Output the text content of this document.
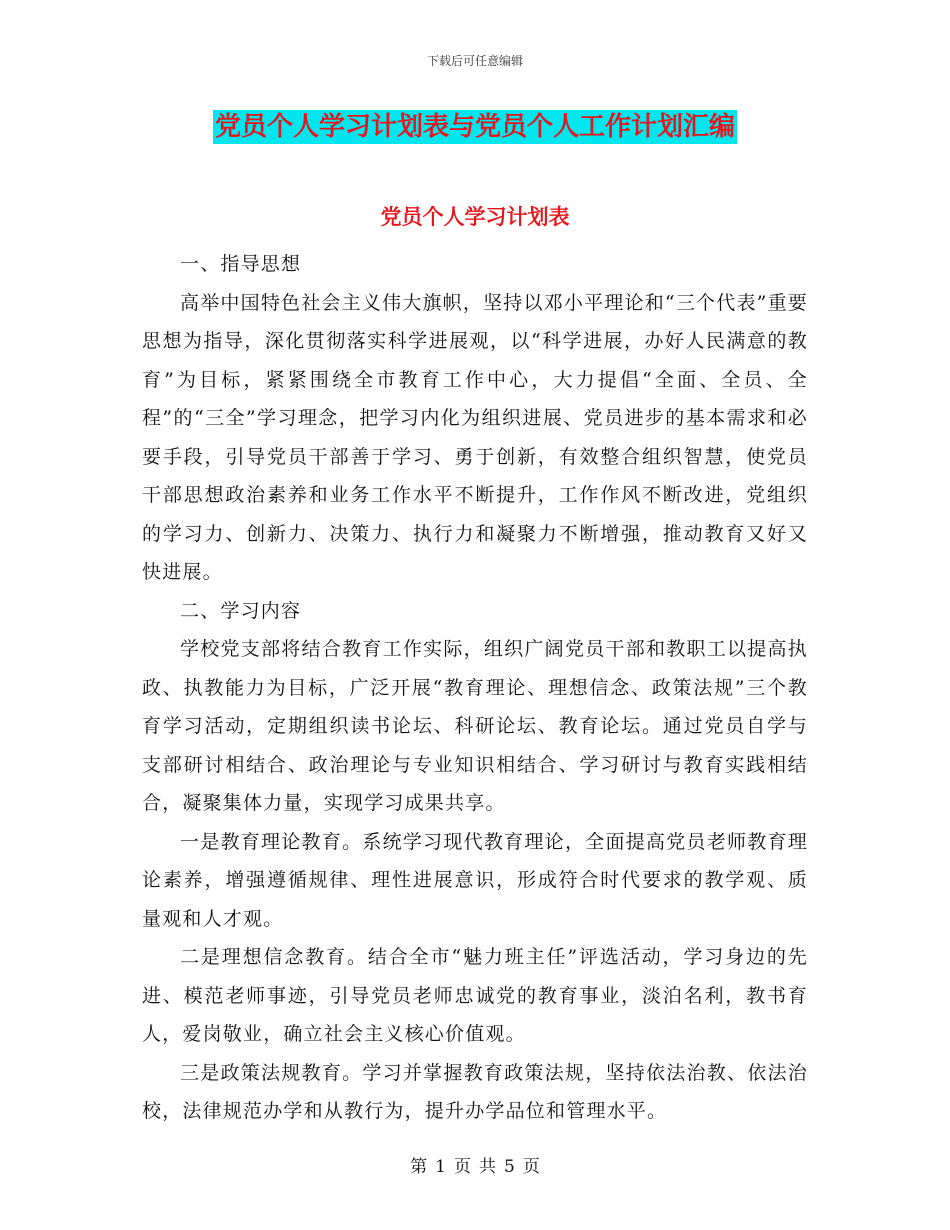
下载后可任意编辑
党员个人学习计划表与党员个人工作计划汇编
党员个人学习计划表

一、指导思想

高举中国特色社会主义伟大旗帜，坚持以邓小平理论和“三个代表”重要思想为指导，深化贯彻落实科学进展观，以“科学进展，办好人民满意的教育”为目标，紧紧围绕全市教育工作中心，大力提倡“全面、全员、全程”的“三全”学习理念，把学习内化为组织进展、党员进步的基本需求和必要手段，引导党员干部善于学习、勇于创新，有效整合组织智慧，使党员干部思想政治素养和业务工作水平不断提升，工作作风不断改进，党组织的学习力、创新力、决策力、执行力和凝聚力不断增强，推动教育又好又快进展。

二、学习内容

学校党支部将结合教育工作实际，组织广阔党员干部和教职工以提高执政、执教能力为目标，广泛开展“教育理论、理想信念、政策法规”三个教育学习活动，定期组织读书论坛、科研论坛、教育论坛。通过党员自学与支部研讨相结合、政治理论与专业知识相结合、学习研讨与教育实践相结合，凝聚集体力量，实现学习成果共享。

一是教育理论教育。系统学习现代教育理论，全面提高党员老师教育理论素养，增强遵循规律、理性进展意识，形成符合时代要求的教学观、质量观和人才观。

二是理想信念教育。结合全市“魅力班主任”评选活动，学习身边的先进、模范老师事迹，引导党员老师忠诚党的教育事业，淡泊名利，教书育人，爱岗敬业，确立社会主义核心价值观。

三是政策法规教育。学习并掌握教育政策法规，坚持依法治教、依法治校，法律规范办学和从教行为，提升办学品位和管理水平。

第 1 页 共 5 页
